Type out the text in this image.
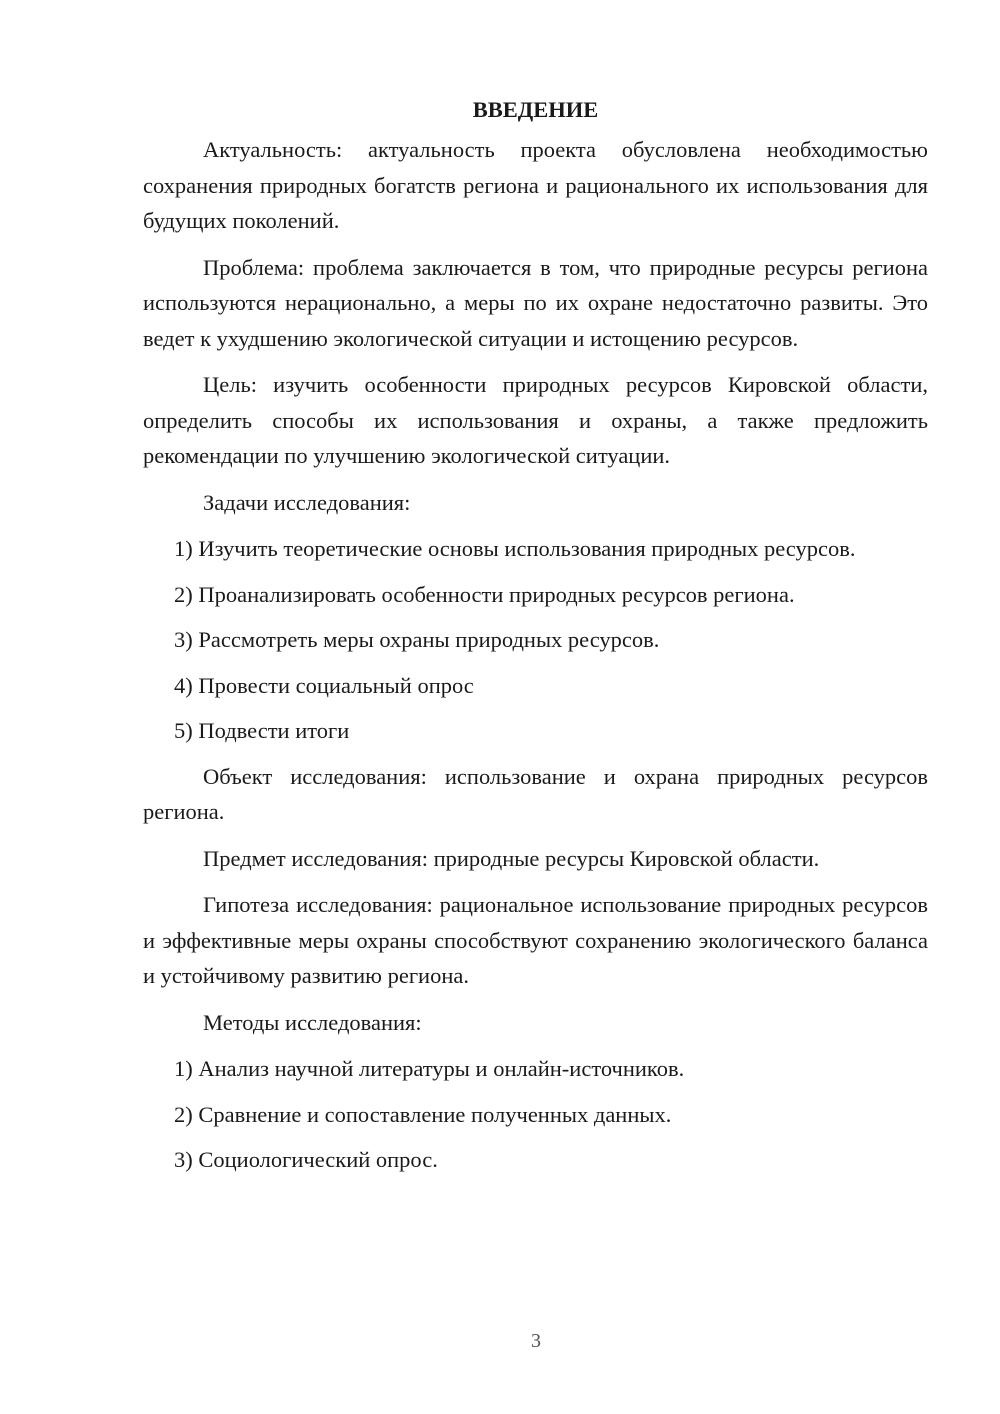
ВВЕДЕНИЕ

Актуальность: актуальность проекта обусловлена необходимостью сохранения природных богатств региона и рационального их использования для будущих поколений.

Проблема: проблема заключается в том, что природные ресурсы региона используются нерационально, а меры по их охране недостаточно развиты. Это ведет к ухудшению экологической ситуации и истощению ресурсов.

Цель: изучить особенности природных ресурсов Кировской области, определить способы их использования и охраны, а также предложить рекомендации по улучшению экологической ситуации.

Задачи исследования:

1) Изучить теоретические основы использования природных ресурсов.

2) Проанализировать особенности природных ресурсов региона.

3) Рассмотреть меры охраны природных ресурсов.

4) Провести социальный опрос

5) Подвести итоги

Объект исследования: использование и охрана природных ресурсов региона.

Предмет исследования: природные ресурсы Кировской области.

Гипотеза исследования: рациональное использование природных ресурсов и эффективные меры охраны способствуют сохранению экологического баланса и устойчивому развитию региона.

Методы исследования:

1) Анализ научной литературы и онлайн-источников.

2) Сравнение и сопоставление полученных данных.

3) Социологический опрос.

3
